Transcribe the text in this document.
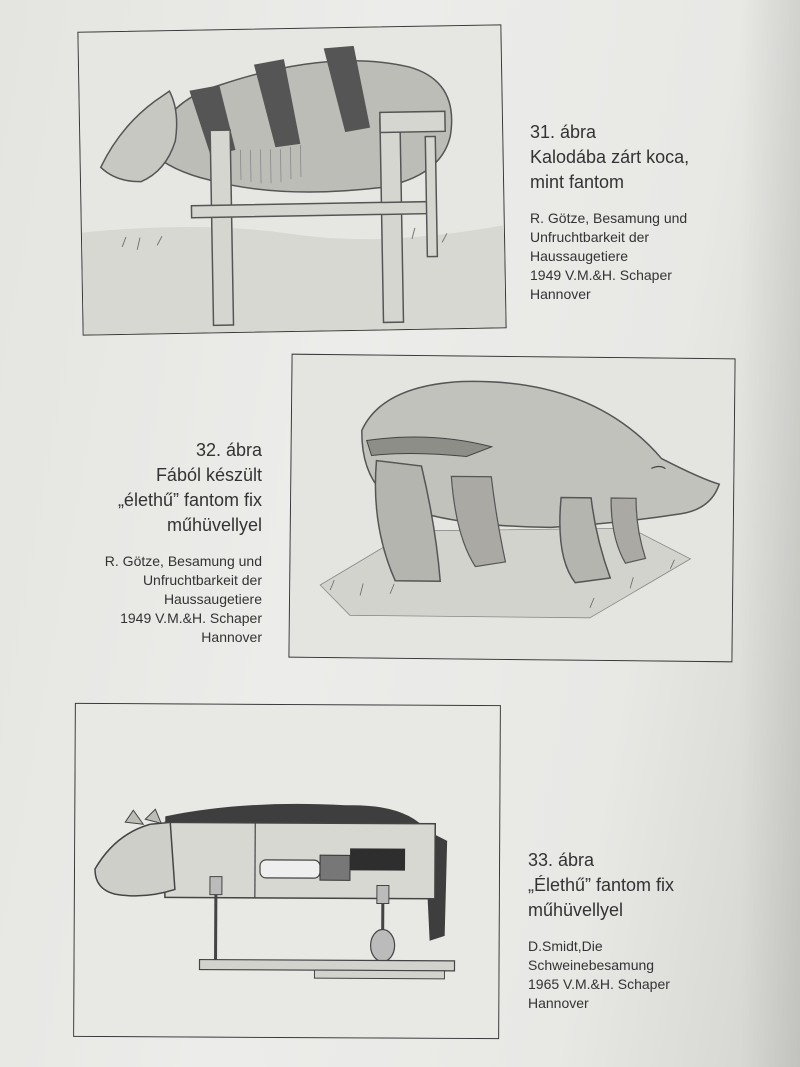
31. ábra
Kalodába zárt koca,
mint fantom
R. Götze, Besamung und
Unfruchtbarkeit der
Haussaugetiere
1949 V.M.&H. Schaper
Hannover
32. ábra
Fából készült
„élethű” fantom fix
műhüvellyel
R. Götze, Besamung und
Unfruchtbarkeit der
Haussaugetiere
1949 V.M.&H. Schaper
Hannover
33. ábra
„Élethű” fantom fix
műhüvellyel
D.Smidt,Die
Schweinebesamung
1965 V.M.&H. Schaper
Hannover
